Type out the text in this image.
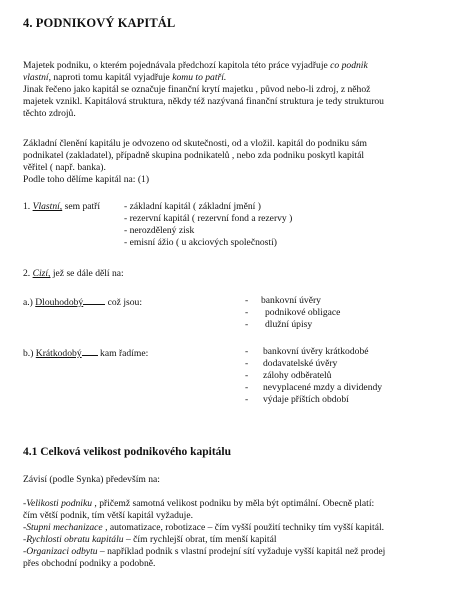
4. PODNIKOVÝ KAPITÁL
Majetek podniku, o kterém pojednávala předchozí kapitola této práce vyjadřuje co podnik
vlastní, naproti tomu kapitál vyjadřuje komu to patří.
Jinak řečeno jako kapitál se označuje finanční krytí majetku , původ nebo-li zdroj, z něhož
majetek vznikl. Kapitálová struktura, někdy též nazývaná finanční struktura je tedy strukturou
těchto zdrojů.
Základní členění kapitálu je odvozeno od skutečnosti, od a vložil. kapitál do podniku sám
podnikatel (zakladatel), případně skupina podnikatelů , nebo zda podniku poskytl kapitál
věřitel ( např. banka).
Podle toho dělíme kapitál na: (1)
1. Vlastní, sem patří - základní kapitál ( základní jmění )
- rezervní kapitál ( rezervní fond a rezervy )
- nerozdělený zisk
- emisní ážio ( u akciových společností)
2. Cizí, jež se dále dělí na:
a.) Dlouhodobý což jsou:	-
-
-
bankovní úvěry
podnikové obligace
dlužní úpisy
b.) Krátkodobý kam řadíme:	-
-
-
-
-
bankovní úvěry krátkodobé
dodavatelské úvěry
zálohy odběratelů
nevyplacené mzdy a dividendy
výdaje příštích období
4.1 Celková velikost podnikového kapitálu
Závisí (podle Synka) především na:
-Velikosti podniku , přičemž samotná velikost podniku by měla být optimální. Obecně platí:
čím větší podnik, tím větší kapitál vyžaduje.
-Stupni mechanizace , automatizace, robotizace – čím vyšší použití techniky tím vyšší kapitál.
-Rychlosti obratu kapitálu – čím rychlejší obrat, tím menší kapitál
-Organizaci odbytu – například podnik s vlastní prodejní sítí vyžaduje vyšší kapitál než prodej
přes obchodní podniky a podobně.
